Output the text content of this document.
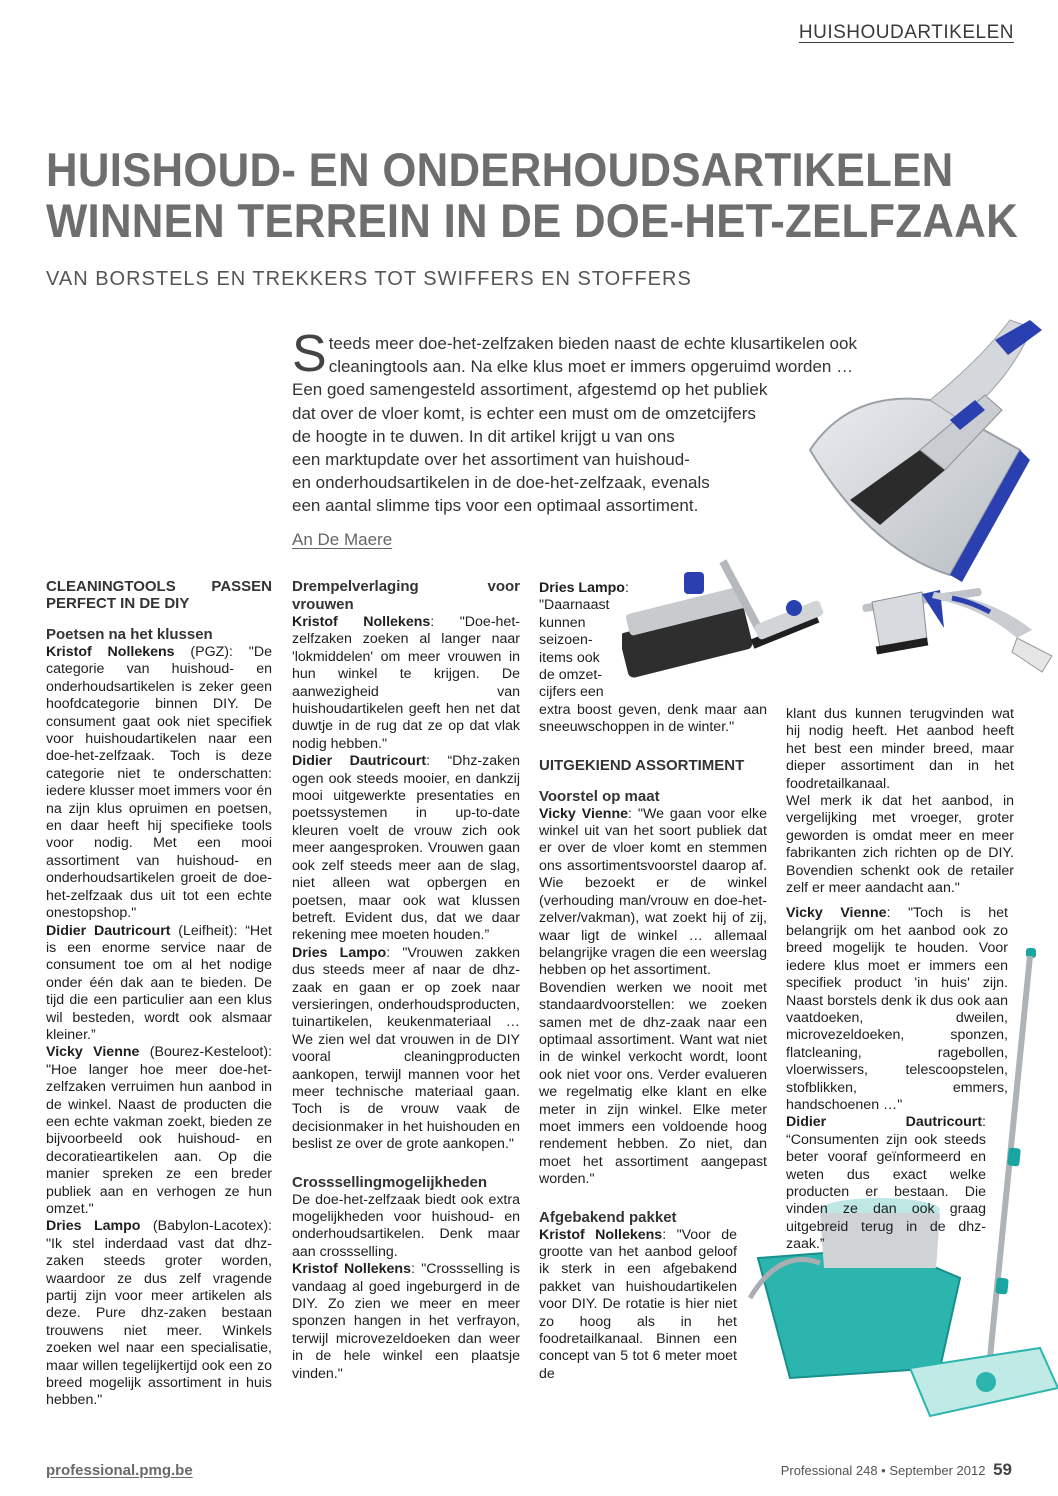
HUISHOUDARTIKELEN
HUISHOUD- EN ONDERHOUDSARTIKELEN
WINNEN TERREIN IN DE DOE-HET-ZELFZAAK
VAN BORSTELS EN TREKKERS TOT SWIFFERS EN STOFFERS
S teeds meer doe-het-zelfzaken bieden naast de echte klusartikelen ook
cleaningtools aan. Na elke klus moet er immers opgeruimd worden …
Een goed samengesteld assortiment, afgestemd op het publiek
dat over de vloer komt, is echter een must om de omzetcijfers
de hoogte in te duwen. In dit artikel krijgt u van ons
een marktupdate over het assortiment van huishoud-
en onderhoudsartikelen in de doe-het-zelfzaak, evenals
een aantal slimme tips voor een optimaal assortiment.
An De Maere

CLEANINGTOOLS PASSEN PERFECT IN DE DIY

Poetsen na het klussen

Kristof Nollekens (PGZ): "De categorie van huishoud- en onderhoudsartikelen is zeker geen hoofdcategorie binnen DIY. De consument gaat ook niet specifiek voor huishoudartikelen naar een doe-het-zelfzaak. Toch is deze categorie niet te onderschatten: iedere klusser moet immers voor én na zijn klus opruimen en poetsen, en daar heeft hij specifieke tools voor nodig. Met een mooi assortiment van huishoud- en onderhoudsartikelen groeit de doe-het-zelfzaak dus uit tot een echte onestopshop."

Didier Dautricourt (Leifheit): “Het is een enorme service naar de consument toe om al het nodige onder één dak aan te bieden. De tijd die een particulier aan een klus wil besteden, wordt ook alsmaar kleiner.”

Vicky Vienne (Bourez-Kesteloot): "Hoe langer hoe meer doe-het-zelfzaken verruimen hun aanbod in de winkel. Naast de producten die een echte vakman zoekt, bieden ze bijvoorbeeld ook huishoud- en decoratieartikelen aan. Op die manier spreken ze een breder publiek aan en verhogen ze hun omzet."

Dries Lampo (Babylon-Lacotex): "Ik stel inderdaad vast dat dhz-zaken steeds groter worden, waardoor ze dus zelf vragende partij zijn voor meer artikelen als deze. Pure dhz-zaken bestaan trouwens niet meer. Winkels zoeken wel naar een specialisatie, maar willen tegelijkertijd ook een zo breed mogelijk assortiment in huis hebben."

Drempelverlaging voor vrouwen

Kristof Nollekens: "Doe-het-zelfzaken zoeken al langer naar 'lokmiddelen' om meer vrouwen in hun winkel te krijgen. De aanwezigheid van huishoudartikelen geeft hen net dat duwtje in de rug dat ze op dat vlak nodig hebben."

Didier Dautricourt: “Dhz-zaken ogen ook steeds mooier, en dankzij mooi uitgewerkte presentaties en poetssystemen in up-to-date kleuren voelt de vrouw zich ook meer aangesproken. Vrouwen gaan ook zelf steeds meer aan de slag, niet alleen wat opbergen en poetsen, maar ook wat klussen betreft. Evident dus, dat we daar rekening mee moeten houden.”

Dries Lampo: "Vrouwen zakken dus steeds meer af naar de dhz-zaak en gaan er op zoek naar versieringen, onderhoudsproducten, tuinartikelen, keukenmateriaal … We zien wel dat vrouwen in de DIY vooral cleaningproducten aankopen, terwijl mannen voor het meer technische materiaal gaan. Toch is de vrouw vaak de decisionmaker in het huishouden en beslist ze over de grote aankopen."

Crosssellingmogelijkheden

De doe-het-zelfzaak biedt ook extra mogelijkheden voor huishoud- en onderhoudsartikelen. Denk maar aan crossselling.

Kristof Nollekens: "Crossselling is vandaag al goed ingeburgerd in de DIY. Zo zien we meer en meer sponzen hangen in het verfrayon, terwijl microvezeldoeken dan weer in de hele winkel een plaatsje vinden."

Dries Lampo:
"Daarnaast
kunnen
seizoen-
items ook
de omzet-
cijfers een

extra boost geven, denk maar aan sneeuwschoppen in de winter."

UITGEKIEND ASSORTIMENT

Voorstel op maat

Vicky Vienne: "We gaan voor elke winkel uit van het soort publiek dat er over de vloer komt en stemmen ons assortimentsvoorstel daarop af. Wie bezoekt er de winkel (verhouding man/vrouw en doe-het-zelver/vakman), wat zoekt hij of zij, waar ligt de winkel … allemaal belangrijke vragen die een weerslag hebben op het assortiment.

Bovendien werken we nooit met standaardvoorstellen: we zoeken samen met de dhz-zaak naar een optimaal assortiment. Want wat niet in de winkel verkocht wordt, loont ook niet voor ons. Verder evalueren we regelmatig elke klant en elke meter in zijn winkel. Elke meter moet immers een voldoende hoog rendement hebben. Zo niet, dan moet het assortiment aangepast worden."

Afgebakend pakket

Kristof Nollekens: "Voor de grootte van het aanbod geloof ik sterk in een afgebakend pakket van huishoudartikelen voor DIY. De rotatie is hier niet zo hoog als in het foodretailkanaal. Binnen een concept van 5 tot 6 meter moet de

klant dus kunnen terugvinden wat hij nodig heeft. Het aanbod heeft het best een minder breed, maar dieper assortiment dan in het foodretailkanaal.

Wel merk ik dat het aanbod, in vergelijking met vroeger, groter geworden is omdat meer en meer fabrikanten zich richten op de DIY. Bovendien schenkt ook de retailer zelf er meer aandacht aan."

Vicky Vienne: "Toch is het belangrijk om het aanbod ook zo breed mogelijk te houden. Voor iedere klus moet er immers een specifiek product 'in huis' zijn. Naast borstels denk ik dus ook aan vaatdoeken, dweilen, microvezeldoeken, sponzen, flatcleaning, ragebollen, vloerwissers, telescoopstelen, stofblikken, emmers, handschoenen …"

Didier Dautricourt: “Consumenten zijn ook steeds beter vooraf geïnformeerd en weten dus exact welke producten er bestaan. Die vinden ze dan ook graag uitgebreid terug in de dhz-zaak.”

professional.pmg.be	Professional 248 • September 2012 59
